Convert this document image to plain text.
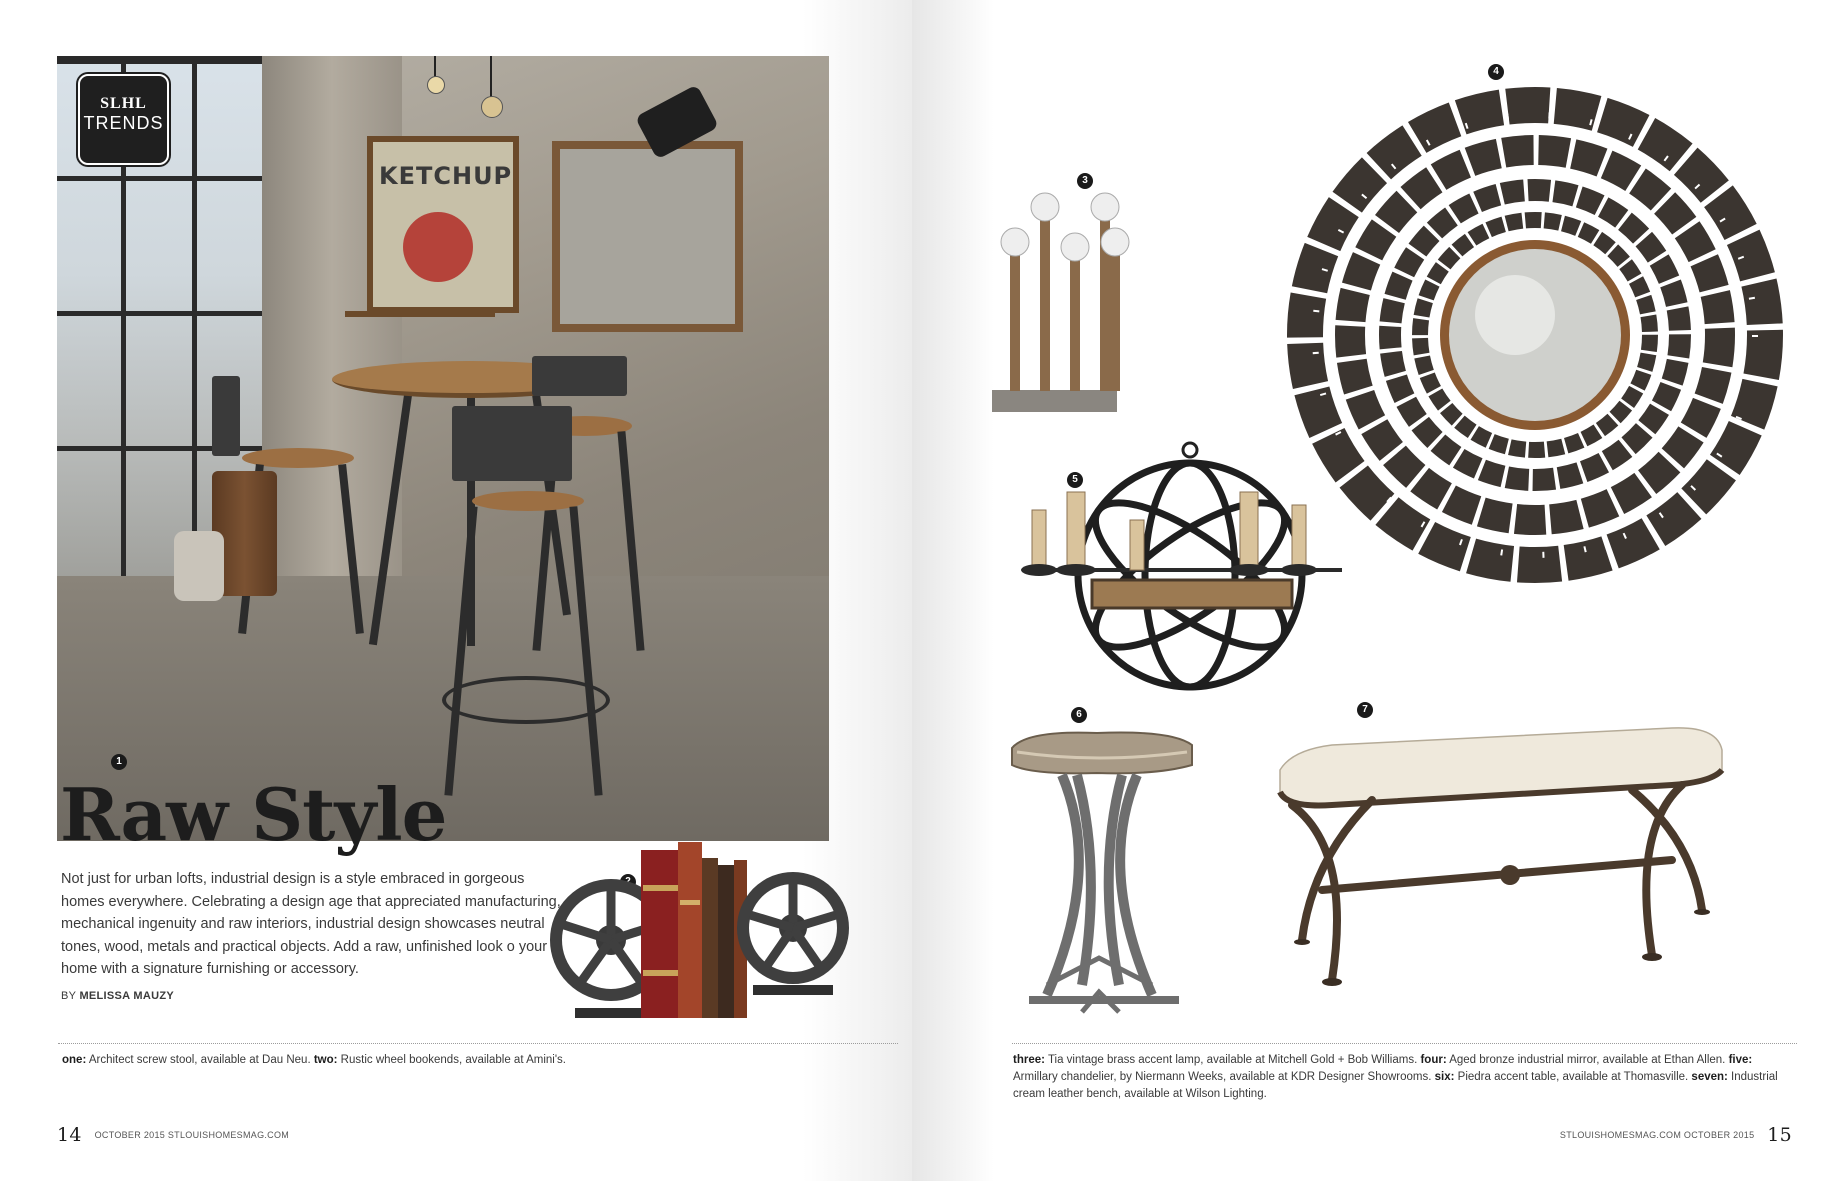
KETCHUP
SLHL
TRENDS
1
Raw Style

Not just for urban lofts, industrial design is a style embraced in gorgeous homes everywhere. Celebrating a design age that appreciated manufacturing, mechanical ingenuity and raw interiors, industrial design showcases neutral tones, wood, metals and practical objects. Add a raw, unfinished look o your home with a signature furnishing or accessory.

BY MELISSA MAUZY
2

one: Architect screw stool, available at Dau Neu. two: Rustic wheel bookends, available at Amini's.

14 OCTOBER 2015 STLOUISHOMESMAG.COM
3
4
5
6	7

three: Tia vintage brass accent lamp, available at Mitchell Gold + Bob Williams. four: Aged bronze industrial mirror, available at Ethan Allen. five: Armillary chandelier, by Niermann Weeks, available at KDR Designer Showrooms. six: Piedra accent table, available at Thomasville. seven: Industrial cream leather bench, available at Wilson Lighting.

STLOUISHOMESMAG.COM OCTOBER 2015 15
